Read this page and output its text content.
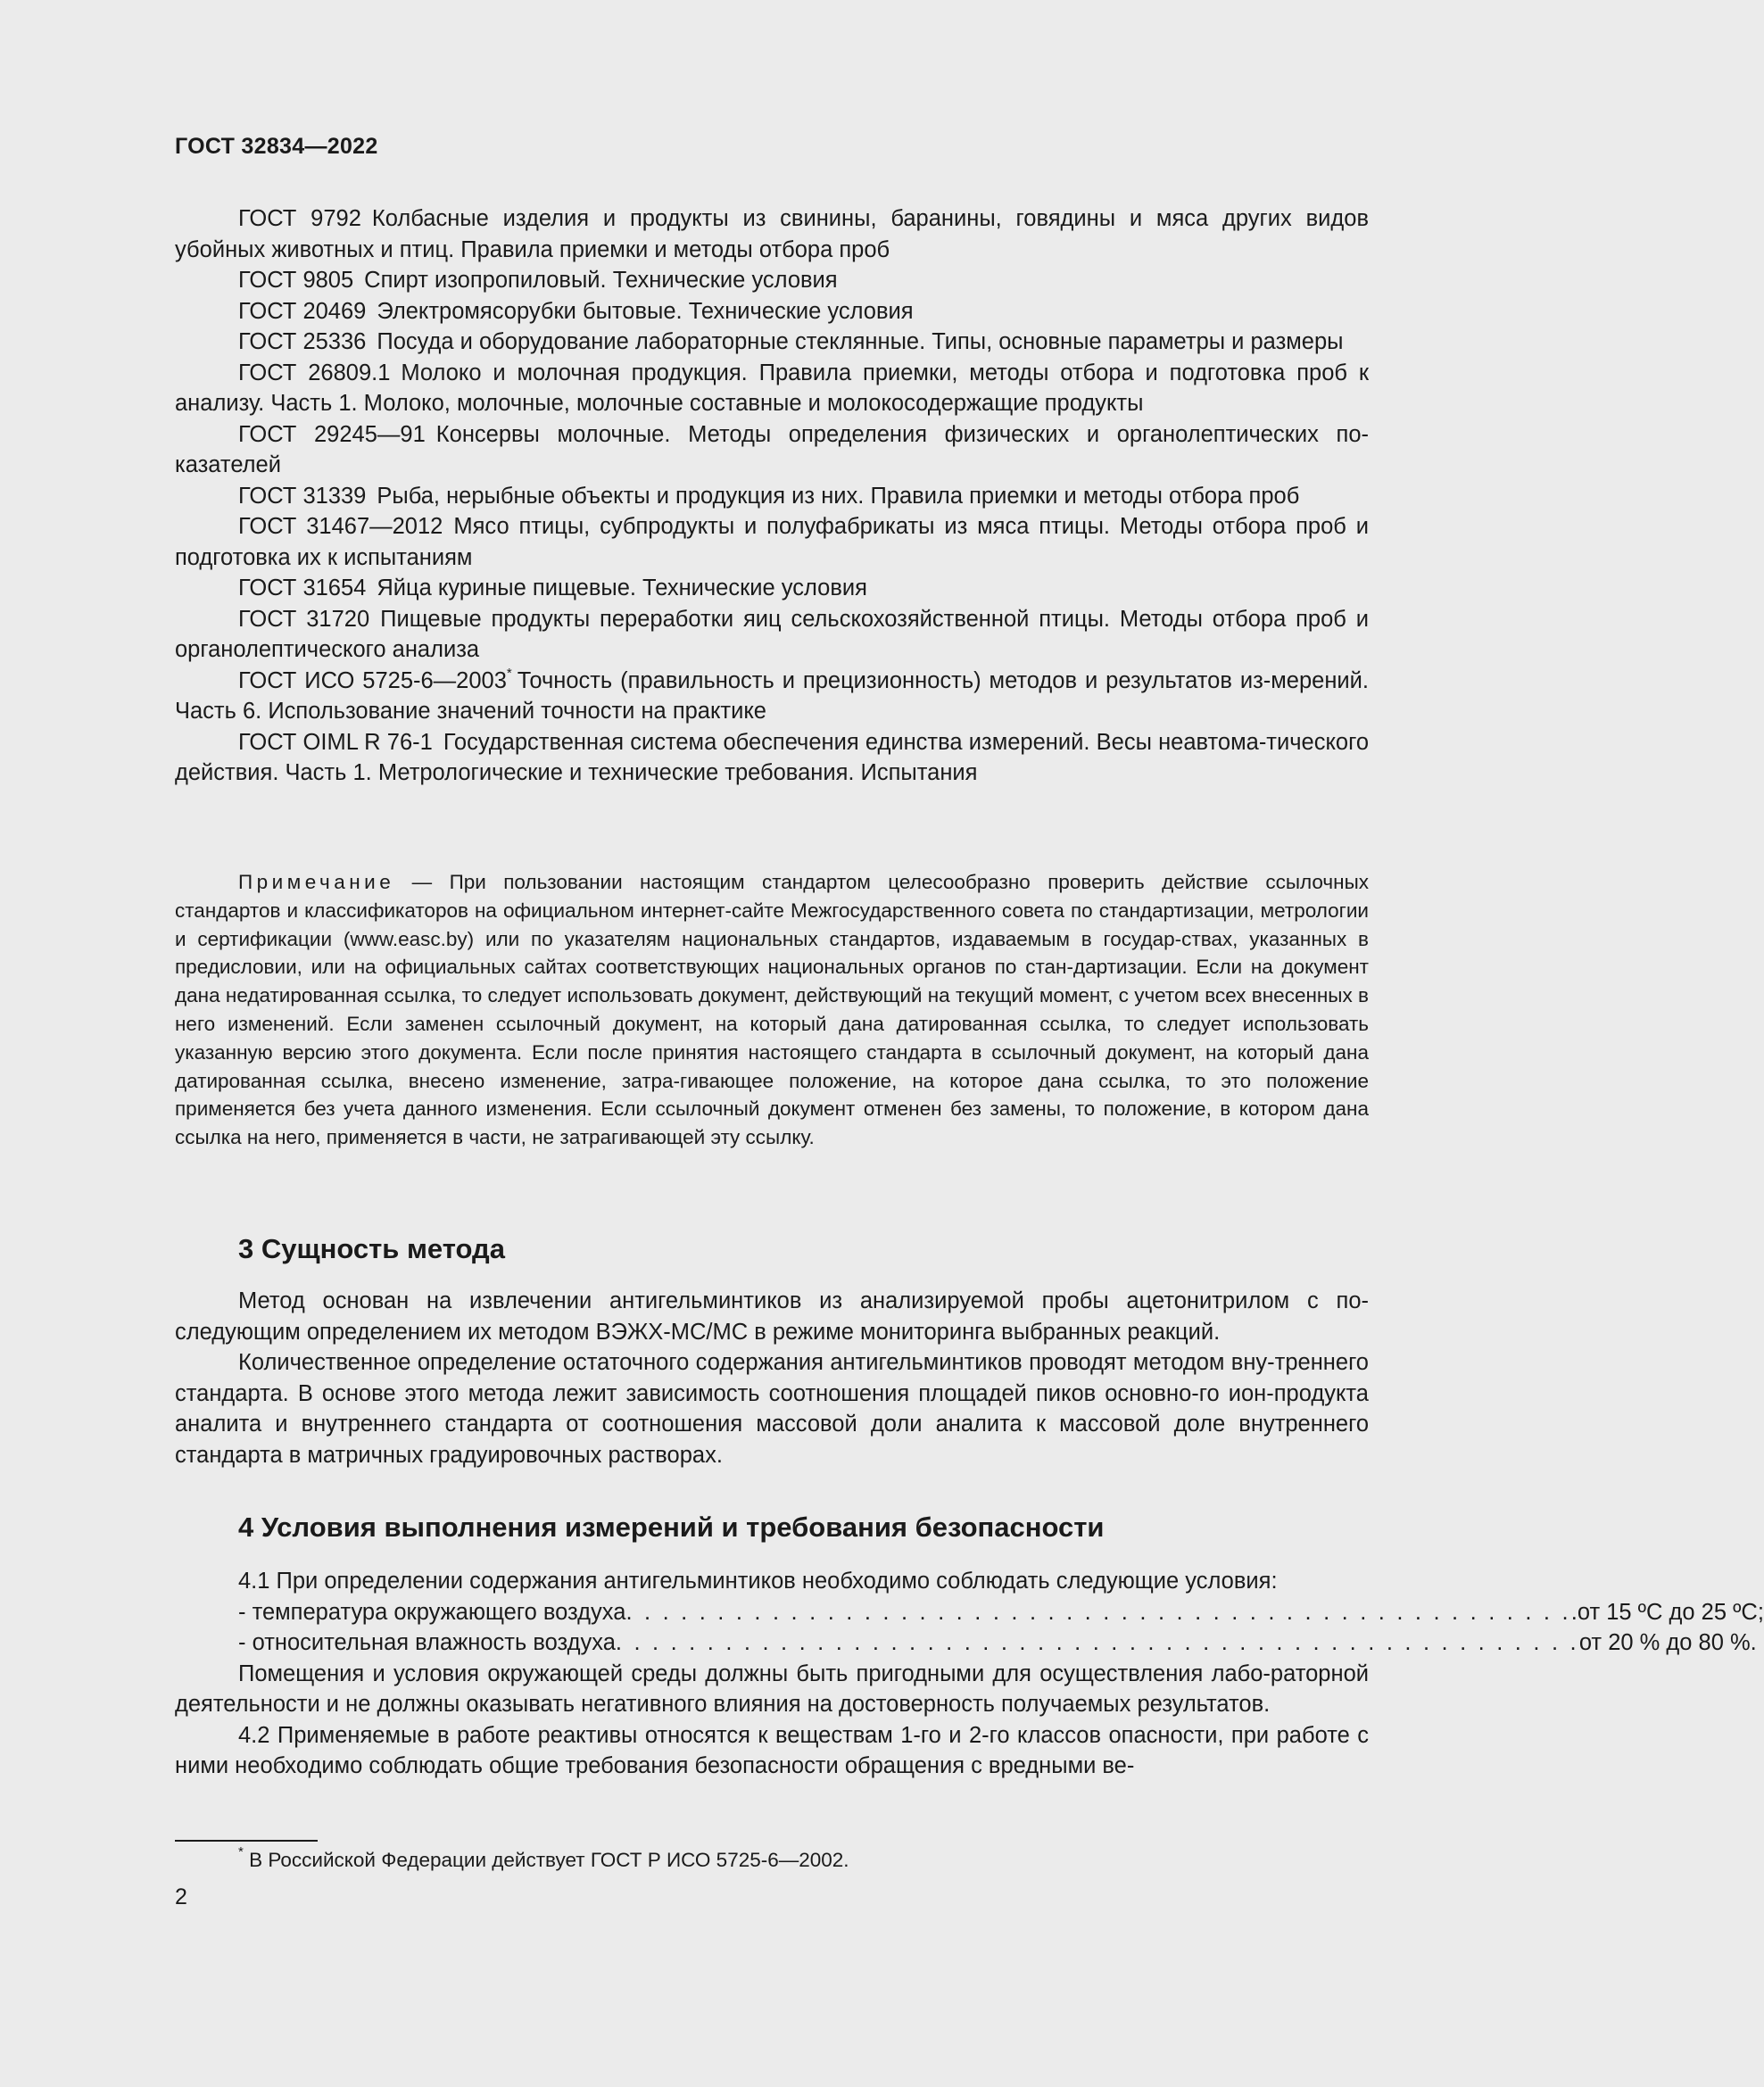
ГОСТ 32834—2022

ГОСТ 9792 Колбасные изделия и продукты из свинины, баранины, говядины и мяса других видов убойных животных и птиц. Правила приемки и методы отбора проб

ГОСТ 9805 Спирт изопропиловый. Технические условия

ГОСТ 20469 Электромясорубки бытовые. Технические условия

ГОСТ 25336 Посуда и оборудование лабораторные стеклянные. Типы, основные параметры и размеры

ГОСТ 26809.1 Молоко и молочная продукция. Правила приемки, методы отбора и подготовка проб к анализу. Часть 1. Молоко, молочные, молочные составные и молокосодержащие продукты

ГОСТ 29245—91 Консервы молочные. Методы определения физических и органолептических по-казателей

ГОСТ 31339 Рыба, нерыбные объекты и продукция из них. Правила приемки и методы отбора проб

ГОСТ 31467—2012 Мясо птицы, субпродукты и полуфабрикаты из мяса птицы. Методы отбора проб и подготовка их к испытаниям

ГОСТ 31654 Яйца куриные пищевые. Технические условия

ГОСТ 31720 Пищевые продукты переработки яиц сельскохозяйственной птицы. Методы отбора проб и органолептического анализа

ГОСТ ИСО 5725-6—2003* Точность (правильность и прецизионность) методов и результатов из-мерений. Часть 6. Использование значений точности на практике

ГОСТ OIML R 76-1 Государственная система обеспечения единства измерений. Весы неавтома-тического действия. Часть 1. Метрологические и технические требования. Испытания

Примечание — При пользовании настоящим стандартом целесообразно проверить действие ссылочных стандартов и классификаторов на официальном интернет-сайте Межгосударственного совета по стандартизации, метрологии и сертификации (www.easc.by) или по указателям национальных стандартов, издаваемым в государ-ствах, указанных в предисловии, или на официальных сайтах соответствующих национальных органов по стан-дартизации. Если на документ дана недатированная ссылка, то следует использовать документ, действующий на текущий момент, с учетом всех внесенных в него изменений. Если заменен ссылочный документ, на который дана датированная ссылка, то следует использовать указанную версию этого документа. Если после принятия настоящего стандарта в ссылочный документ, на который дана датированная ссылка, внесено изменение, затра-гивающее положение, на которое дана ссылка, то это положение применяется без учета данного изменения. Если ссылочный документ отменен без замены, то положение, в котором дана ссылка на него, применяется в части, не затрагивающей эту ссылку.

3 Сущность метода

Метод основан на извлечении антигельминтиков из анализируемой пробы ацетонитрилом с по-следующим определением их методом ВЭЖХ-МС/МС в режиме мониторинга выбранных реакций.

Количественное определение остаточного содержания антигельминтиков проводят методом вну-треннего стандарта. В основе этого метода лежит зависимость соотношения площадей пиков основно-го ион-продукта аналита и внутреннего стандарта от соотношения массовой доли аналита к массовой доле внутреннего стандарта в матричных градуировочных растворах.

4 Условия выполнения измерений и требования безопасности

4.1 При определении содержания антигельминтиков необходимо соблюдать следующие условия:

- температура окружающего воздуха . . . . . . . . . . . . . . . . . . . . . . . . . . . . . . . . . . . . . . . . . . . . . . . . . . . . .от 15 ºС до 25 ºС;
- относительная влажность воздуха . . . . . . . . . . . . . . . . . . . . . . . . . . . . . . . . . . . . . . . . . . . . . . . . . . . . . от 20 % до 80 %.

Помещения и условия окружающей среды должны быть пригодными для осуществления лабо-раторной деятельности и не должны оказывать негативного влияния на достоверность получаемых результатов.

4.2 Применяемые в работе реактивы относятся к веществам 1-го и 2-го классов опасности, при работе с ними необходимо соблюдать общие требования безопасности обращения с вредными ве-

* В Российской Федерации действует ГОСТ Р ИСО 5725-6—2002.
2
